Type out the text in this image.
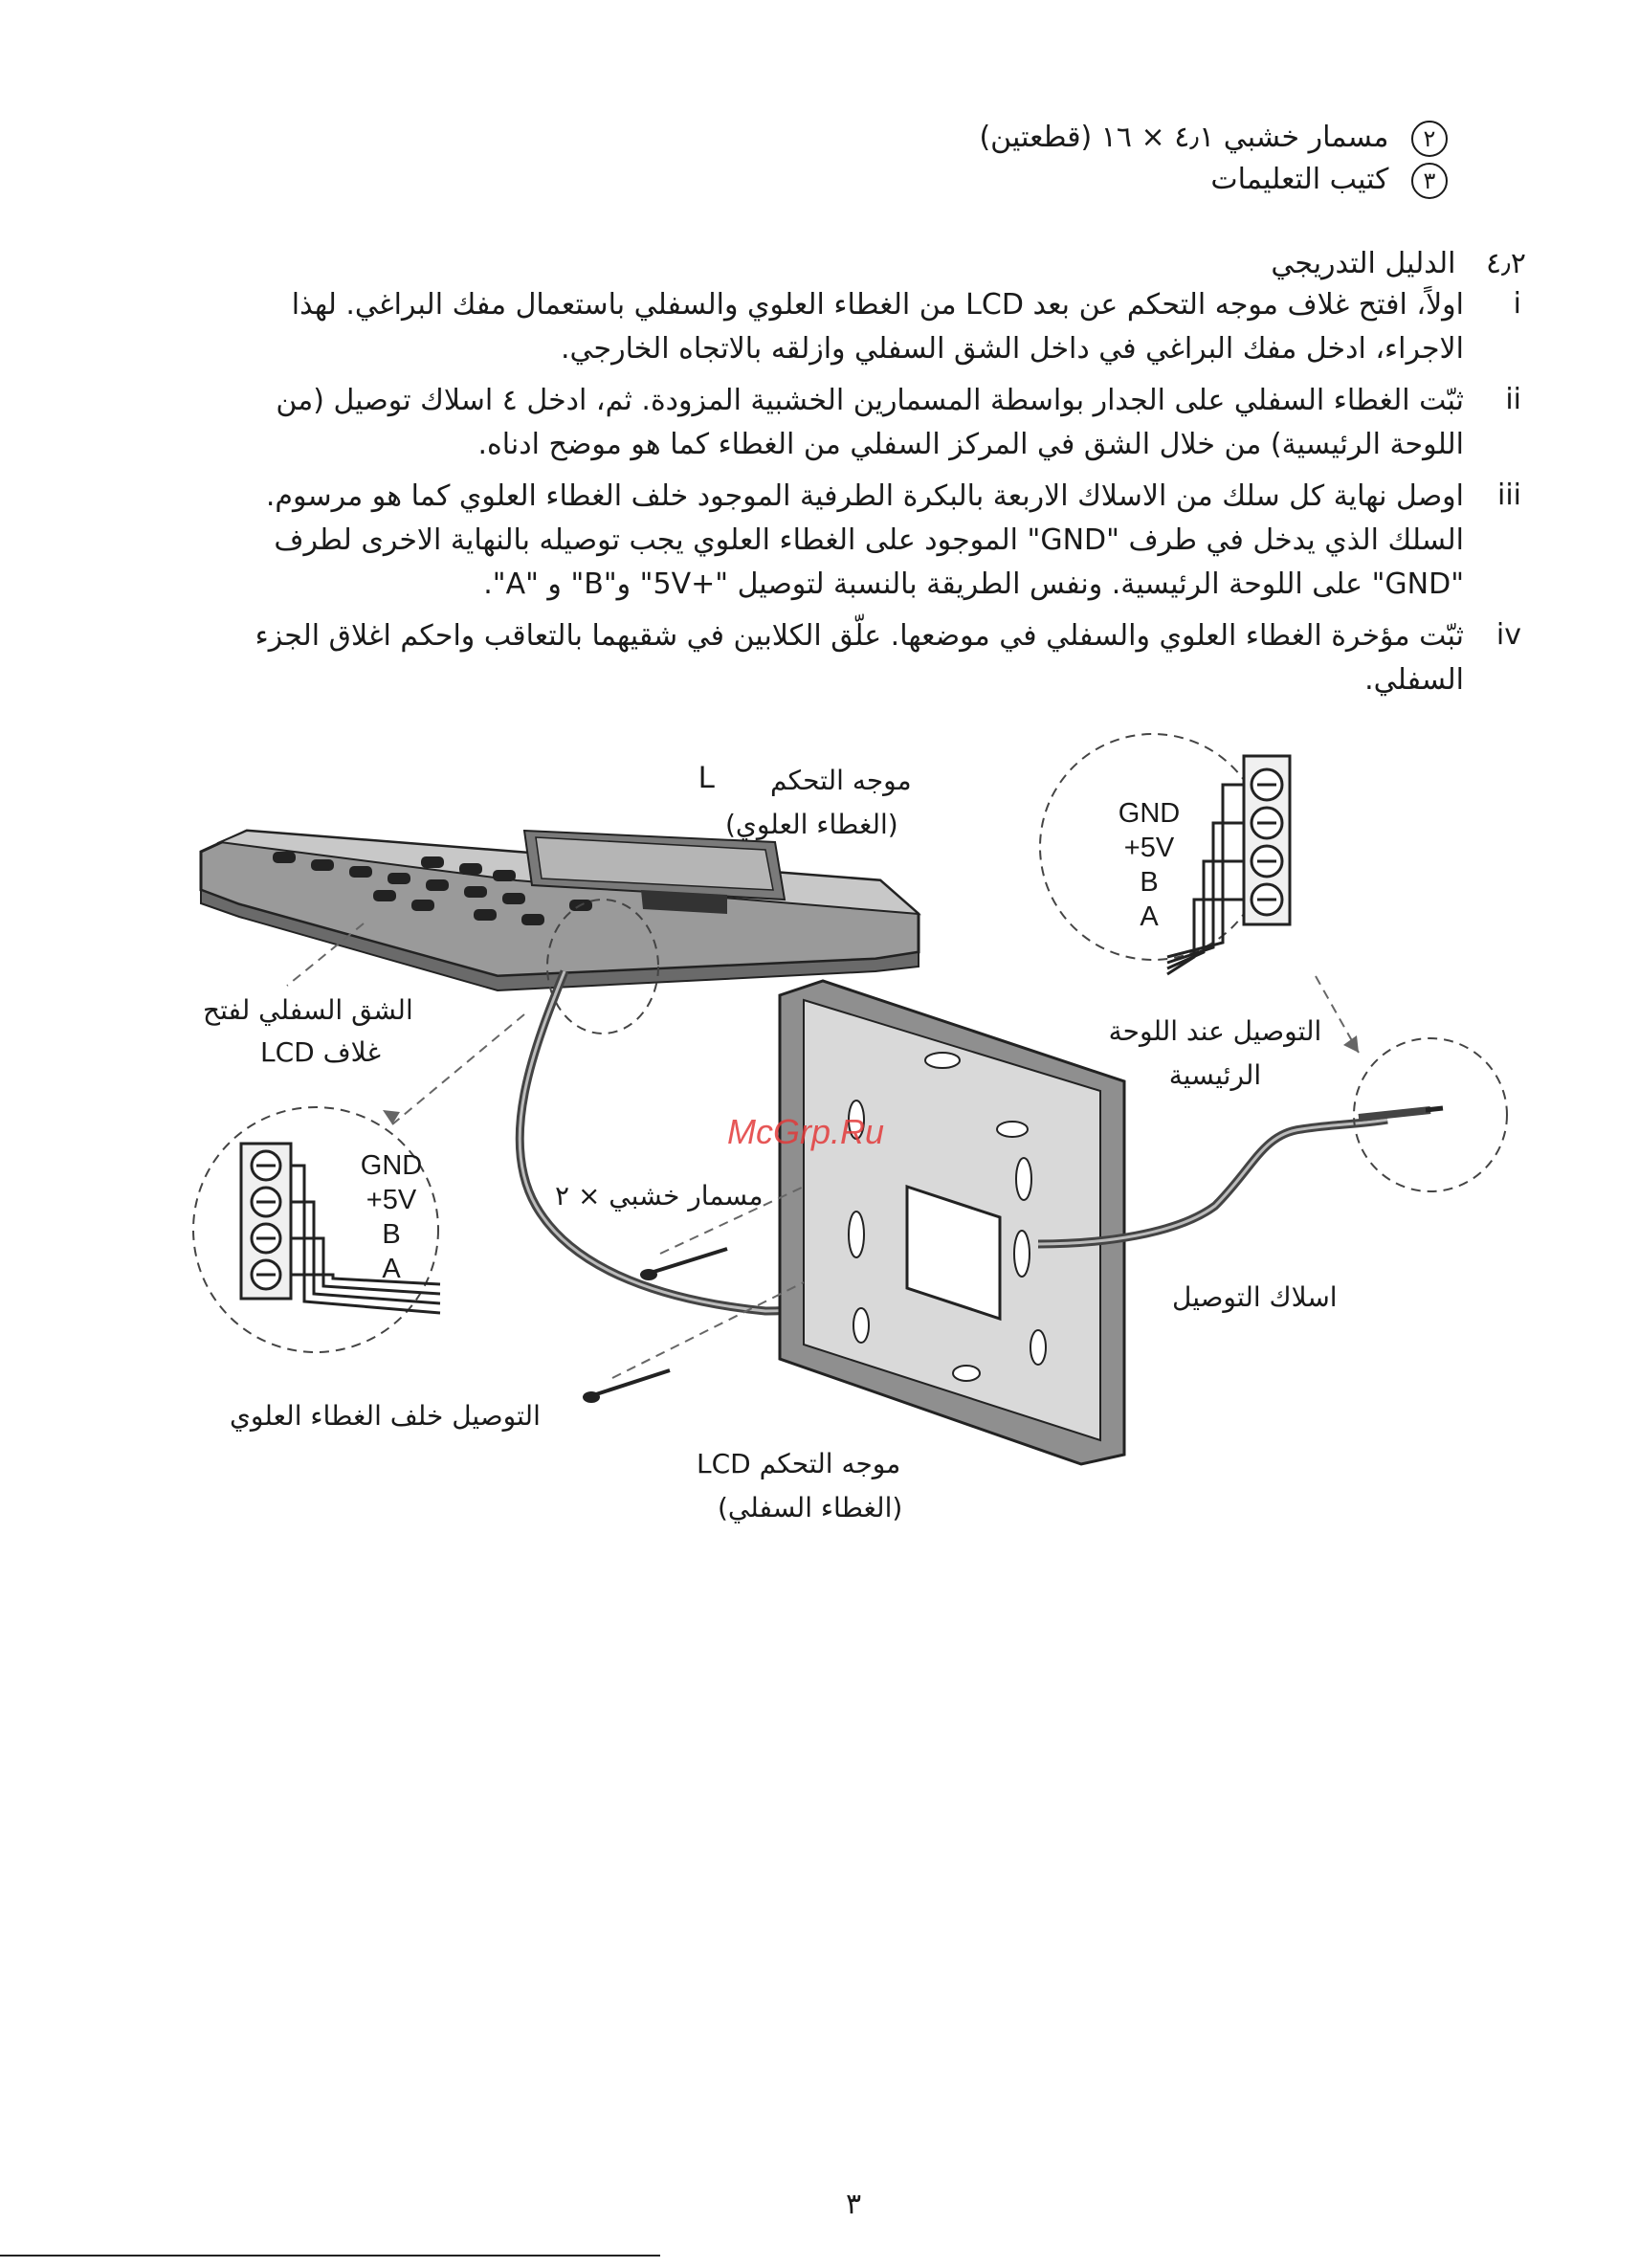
٢ مسمار خشبي ٤٫١ × ١٦ (قطعتين)
٣ كتيب التعليمات
٤٫٢ الدليل التدريجي
i
اولاً، افتح غلاف موجه التحكم عن بعد LCD من الغطاء العلوي والسفلي باستعمال مفك البراغي. لهذا الاجراء، ادخل مفك البراغي في داخل الشق السفلي وازلقه بالاتجاه الخارجي.
ii
ثبّت الغطاء السفلي على الجدار بواسطة المسمارين الخشبية المزودة. ثم، ادخل ٤ اسلاك توصيل (من اللوحة الرئيسية) من خلال الشق في المركز السفلي من الغطاء كما هو موضح ادناه.
iii
اوصل نهاية كل سلك من الاسلاك الاربعة بالبكرة الطرفية الموجود خلف الغطاء العلوي كما هو مرسوم. السلك الذي يدخل في طرف "GND" الموجود على الغطاء العلوي يجب توصيله بالنهاية الاخرى لطرف "GND" على اللوحة الرئيسية. ونفس الطريقة بالنسبة لتوصيل "+5V" و"B" و "A".
iv
ثبّت مؤخرة الغطاء العلوي والسفلي في موضعها. علّق الكلابين في شقيهما بالتعاقب واحكم اغلاق الجزء السفلي.
McGrp.Ru
موجه التحكم
L
(الغطاء العلوي)
الشق السفلي لفتح
غلاف LCD
مسمار خشبي × ٢
التوصيل عند اللوحة
الرئيسية
اسلاك التوصيل
التوصيل خلف الغطاء العلوي
موجه التحكم LCD
(الغطاء السفلي)
GND
+5V
B
A
GND
+5V
B
A
٣
